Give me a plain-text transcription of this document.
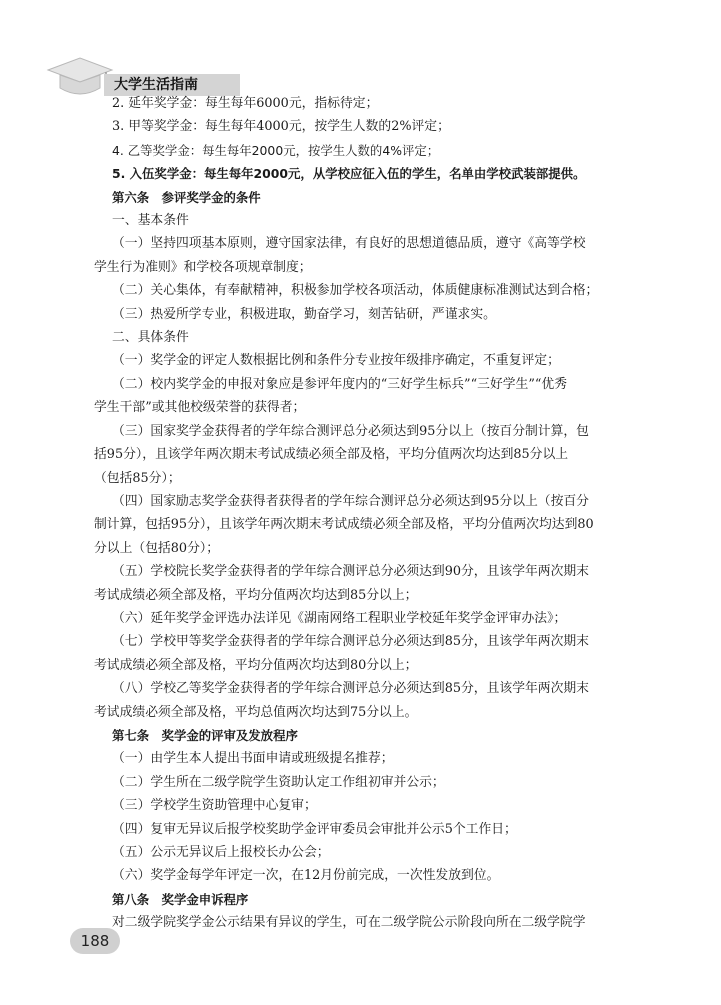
大学生活指南
2. 延年奖学金：每生每年6000元，指标待定；
3. 甲等奖学金：每生每年4000元，按学生人数的2%评定；
4. 乙等奖学金：每生每年2000元，按学生人数的4%评定；
5. 入伍奖学金：每生每年2000元，从学校应征入伍的学生，名单由学校武装部提供。
第六条　参评奖学金的条件
一、基本条件
（一）坚持四项基本原则，遵守国家法律，有良好的思想道德品质，遵守《高等学校
学生行为准则》和学校各项规章制度；
（二）关心集体，有奉献精神，积极参加学校各项活动，体质健康标准测试达到合格；
（三）热爱所学专业，积极进取，勤奋学习，刻苦钻研，严谨求实。
二、具体条件
（一）奖学金的评定人数根据比例和条件分专业按年级排序确定，不重复评定；
（二）校内奖学金的申报对象应是参评年度内的“三好学生标兵”“三好学生”“优秀
学生干部”或其他校级荣誉的获得者；
（三）国家奖学金获得者的学年综合测评总分必须达到95分以上（按百分制计算，包
括95分），且该学年两次期末考试成绩必须全部及格，平均分值两次均达到85分以上
（包括85分）；
（四）国家励志奖学金获得者获得者的学年综合测评总分必须达到95分以上（按百分
制计算，包括95分），且该学年两次期末考试成绩必须全部及格，平均分值两次均达到80
分以上（包括80分）；
（五）学校院长奖学金获得者的学年综合测评总分必须达到90分，且该学年两次期末
考试成绩必须全部及格，平均分值两次均达到85分以上；
（六）延年奖学金评选办法详见《湖南网络工程职业学校延年奖学金评审办法》；
（七）学校甲等奖学金获得者的学年综合测评总分必须达到85分，且该学年两次期末
考试成绩必须全部及格，平均分值两次均达到80分以上；
（八）学校乙等奖学金获得者的学年综合测评总分必须达到85分，且该学年两次期末
考试成绩必须全部及格，平均总值两次均达到75分以上。
第七条　奖学金的评审及发放程序
（一）由学生本人提出书面申请或班级提名推荐；
（二）学生所在二级学院学生资助认定工作组初审并公示；
（三）学校学生资助管理中心复审；
（四）复审无异议后报学校奖助学金评审委员会审批并公示5个工作日；
（五）公示无异议后上报校长办公会；
（六）奖学金每学年评定一次，在12月份前完成，一次性发放到位。
第八条　奖学金申诉程序
对二级学院奖学金公示结果有异议的学生，可在二级学院公示阶段向所在二级学院学
188
